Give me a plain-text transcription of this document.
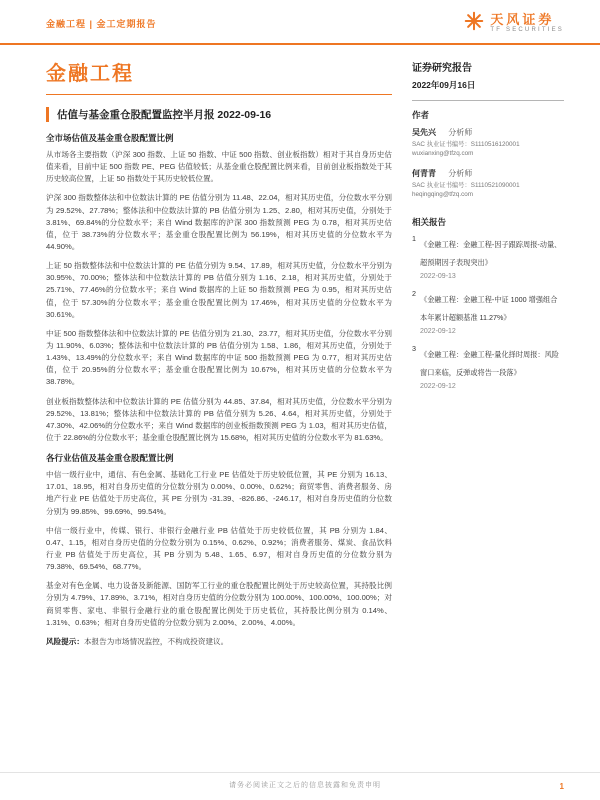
金融工程 | 金工定期报告	天风证券
TF SECURITIES
金融工程
估值与基金重仓股配置监控半月报 2022-09-16
全市场估值及基金重仓股配置比例

从市场各主要指数（沪深 300 指数、上证 50 指数、中证 500 指数、创业板指数）相对于其自身历史估值来看，目前中证 500 指数 PE、PEG 估值较低；从基金重仓股配置比例来看，目前创业板指数处于其历史较高位置，上证 50 指数处于其历史较低位置。

沪深 300 指数整体法和中位数法计算的 PE 估值分别为 11.48、22.04，相对其历史值，分位数水平分别为 29.52%、27.78%；整体法和中位数法计算的 PB 估值分别为 1.25、2.80，相对其历史值，分别处于 3.81%、69.84%的分位数水平；来自 Wind 数据库的沪深 300 指数预测 PEG 为 0.78，相对其历史估值，位于 38.73%的分位数水平；基金重仓股配置比例为 56.19%，相对其历史值的分位数水平为 44.90%。

上证 50 指数整体法和中位数法计算的 PE 估值分别为 9.54、17.89，相对其历史值，分位数水平分别为 30.95%、70.00%；整体法和中位数法计算的 PB 估值分别为 1.16、2.18，相对其历史值，分别处于 25.71%、77.46%的分位数水平；来自 Wind 数据库的上证 50 指数预测 PEG 为 0.95，相对其历史估值，位于 57.30%的分位数水平；基金重仓股配置比例为 17.46%，相对其历史值的分位数水平为 30.61%。

中证 500 指数整体法和中位数法计算的 PE 估值分别为 21.30、23.77，相对其历史值，分位数水平分别为 11.90%、6.03%；整体法和中位数法计算的 PB 估值分别为 1.58、1.86，相对其历史值，分别处于 1.43%、13.49%的分位数水平；来自 Wind 数据库的中证 500 指数预测 PEG 为 0.77，相对其历史估值，位于 20.95%的分位数水平；基金重仓股配置比例为 10.67%，相对其历史值的分位数水平为 38.78%。

创业板指数整体法和中位数法计算的 PE 估值分别为 44.85、37.84，相对其历史值，分位数水平分别为 29.52%、13.81%；整体法和中位数法计算的 PB 估值分别为 5.26、4.64，相对其历史值，分别处于 47.30%、42.06%的分位数水平；来自 Wind 数据库的创业板指数预测 PEG 为 1.03，相对其历史估值，位于 22.86%的分位数水平；基金重仓股配置比例为 15.68%，相对其历史值的分位数水平为 81.63%。

各行业估值及基金重仓股配置比例

中信一级行业中，通信、有色金属、基础化工行业 PE 估值处于历史较低位置，其 PE 分别为 16.13、17.01、18.95，相对自身历史值的分位数分别为 0.00%、0.00%、0.62%；商贸零售、消费者服务、房地产行业 PE 估值处于历史高位，其 PE 分别为 -31.39、-826.86、-246.17，相对自身历史值的分位数分别为 99.85%、99.69%、99.54%。

中信一级行业中，传媒、银行、非银行金融行业 PB 估值处于历史较低位置，其 PB 分别为 1.84、0.47、1.15，相对自身历史值的分位数分别为 0.15%、0.62%、0.92%；消费者服务、煤炭、食品饮料行业 PB 估值处于历史高位，其 PB 分别为 5.48、1.65、6.97，相对自身历史值的分位数分别为 79.38%、69.54%、68.77%。

基金对有色金属、电力设备及新能源、国防军工行业的重仓股配置比例处于历史较高位置，其持股比例分别为 4.79%、17.89%、3.71%，相对自身历史值的分位数分别为 100.00%、100.00%、100.00%；对商贸零售、家电、非银行金融行业的重仓股配置比例处于历史低位，其持股比例分别为 0.14%、1.31%、0.63%；相对自身历史值的分位数分别为 2.00%、2.00%、4.00%。

风险提示：本报告为市场情况监控，不构成投资建议。

证券研究报告
2022年09月16日
作者
吴先兴 分析师
SAC 执业证书编号：S1110516120001
wuxianxing@tfzq.com
何青青 分析师
SAC 执业证书编号：S1110521090001
heqingqing@tfzq.com
相关报告
1
《金融工程：金融工程-因子跟踪周报-动量、超预期因子表现突出》
2022-09-13
2
《金融工程：金融工程-中证 1000 增强组合本年累计超额基准 11.27%》
2022-09-12
3
《金融工程：金融工程-量化择时周报：风险窗口来临，反弹或将告一段落》
2022-09-12
请务必阅读正文之后的信息披露和免责申明	1
